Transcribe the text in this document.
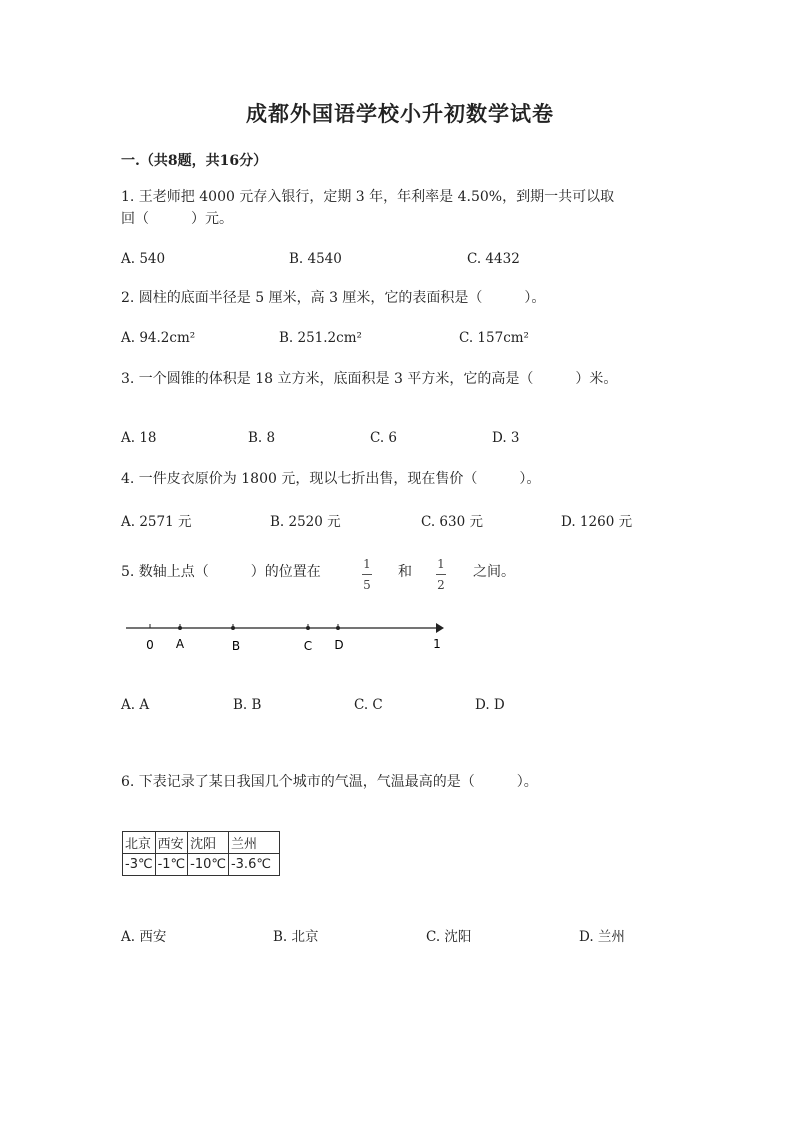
成都外国语学校小升初数学试卷
一.（共8题，共16分）
1. 王老师把 4000 元存入银行，定期 3 年，年利率是 4.50%，到期一共可以取
回（　　　）元。
A. 540	B. 4540	C. 4432
2. 圆柱的底面半径是 5 厘米，高 3 厘米，它的表面积是（　　　）。
A. 94.2cm²	B. 251.2cm²	C. 157cm²
3. 一个圆锥的体积是 18 立方米，底面积是 3 平方米，它的高是（　　　）米。
A. 18	B. 8	C. 6	D. 3
4. 一件皮衣原价为 1800 元，现以七折出售，现在售价（　　　）。
A. 2571 元	B. 2520 元	C. 630 元	D. 1260 元
5. 数轴上点（　　　）的位置在	1
5
和 1
2
之间。
0 A	B	C D	1
A. A	B. B	C. C	D. D
6. 下表记录了某日我国几个城市的气温，气温最高的是（　　　）。
北京	西安	沈阳	兰州
-3℃	-1℃	-10℃	-3.6℃
A. 西安	B. 北京	C. 沈阳	D. 兰州
